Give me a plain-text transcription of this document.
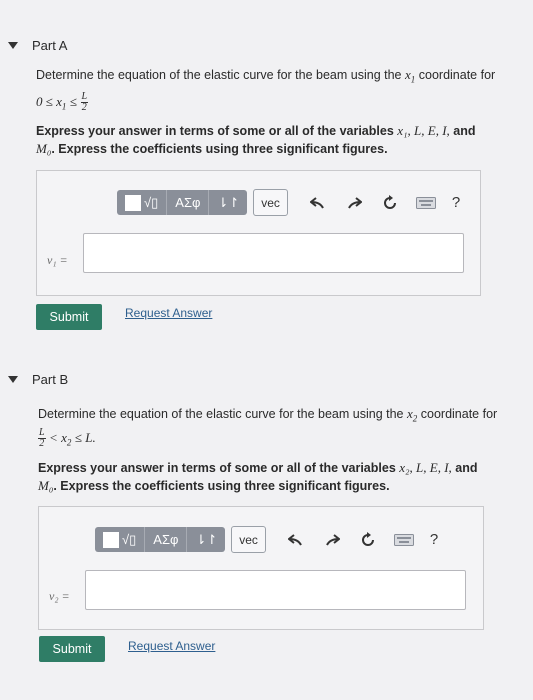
Part A
Determine the equation of the elastic curve for the beam using the $x_1$ coordinate for
$0 \le x_1 \le \frac{L}{2}$
Express your answer in terms of some or all of the variables x₁, L, E, I, and
M₀. Express the coefficients using three significant figures.
√▯	ΑΣφ	⇂↾	vec	?
v₁ =
Submit	Request Answer
Part B
Determine the equation of the elastic curve for the beam using the $x_2$ coordinate for
$\frac{L}{2} < x_2 \le L$.
Express your answer in terms of some or all of the variables x₂, L, E, I, and
M₀. Express the coefficients using three significant figures.
√▯	ΑΣφ	⇂↾	vec	?
v₂ =
Submit	Request Answer
